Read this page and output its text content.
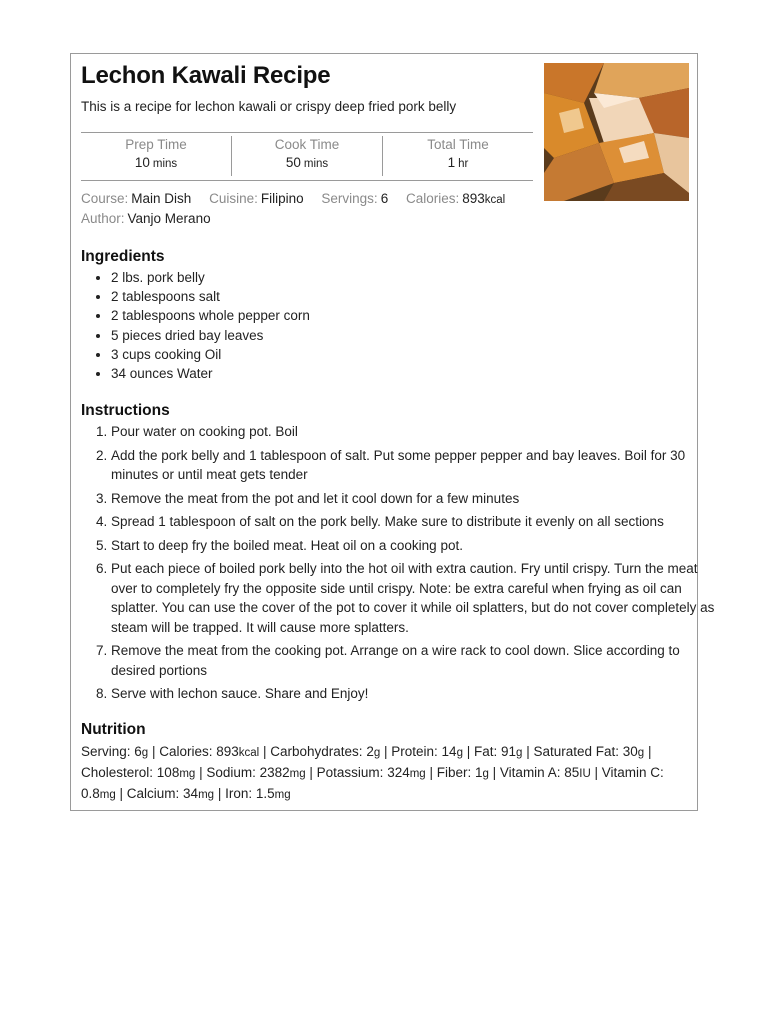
Lechon Kawali Recipe
This is a recipe for lechon kawali or crispy deep fried pork belly
Prep Time
10 mins
Cook Time
50 mins
Total Time
1 hr
Course: Main Dish Cuisine: Filipino Servings: 6 Calories: 893kcal
Author: Vanjo Merano
Ingredients
• 2 lbs. pork belly
• 2 tablespoons salt
• 2 tablespoons whole pepper corn
• 5 pieces dried bay leaves
• 3 cups cooking Oil
• 34 ounces Water
Instructions
1. Pour water on cooking pot. Boil
2. Add the pork belly and 1 tablespoon of salt. Put some pepper pepper and bay leaves. Boil for 30 minutes or until meat gets tender
3. Remove the meat from the pot and let it cool down for a few minutes
4. Spread 1 tablespoon of salt on the pork belly. Make sure to distribute it evenly on all sections
5. Start to deep fry the boiled meat. Heat oil on a cooking pot.
6. Put each piece of boiled pork belly into the hot oil with extra caution. Fry until crispy. Turn the meat over to completely fry the opposite side until crispy. Note: be extra careful when frying as oil can splatter. You can use the cover of the pot to cover it while oil splatters, but do not cover completely as steam will be trapped. It will cause more splatters.
7. Remove the meat from the cooking pot. Arrange on a wire rack to cool down. Slice according to desired portions
8. Serve with lechon sauce. Share and Enjoy!
Nutrition
Serving: 6g | Calories: 893kcal | Carbohydrates: 2g | Protein: 14g | Fat: 91g | Saturated Fat: 30g | Cholesterol: 108mg | Sodium: 2382mg | Potassium: 324mg | Fiber: 1g | Vitamin A: 85IU | Vitamin C: 0.8mg | Calcium: 34mg | Iron: 1.5mg
